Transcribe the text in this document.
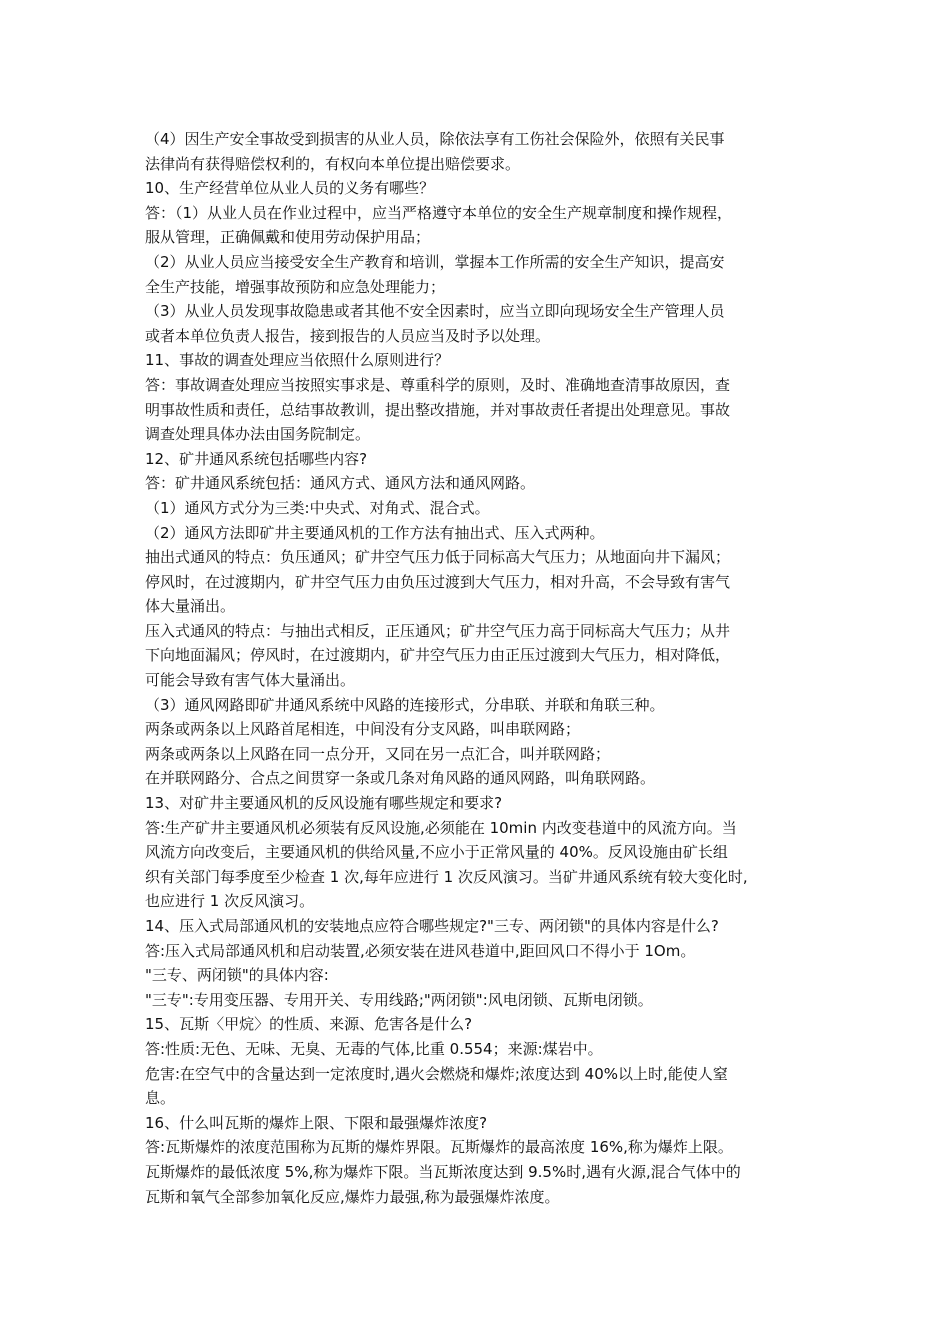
（4）因生产安全事故受到损害的从业人员，除依法享有工伤社会保险外，依照有关民事
法律尚有获得赔偿权利的，有权向本单位提出赔偿要求。
10、生产经营单位从业人员的义务有哪些？
答：（1）从业人员在作业过程中，应当严格遵守本单位的安全生产规章制度和操作规程，
服从管理，正确佩戴和使用劳动保护用品；
（2）从业人员应当接受安全生产教育和培训，掌握本工作所需的安全生产知识，提高安
全生产技能，增强事故预防和应急处理能力；
（3）从业人员发现事故隐患或者其他不安全因素时，应当立即向现场安全生产管理人员
或者本单位负责人报告，接到报告的人员应当及时予以处理。
11、事故的调查处理应当依照什么原则进行？
答：事故调查处理应当按照实事求是、尊重科学的原则，及时、准确地查清事故原因，查
明事故性质和责任，总结事故教训，提出整改措施，并对事故责任者提出处理意见。事故
调查处理具体办法由国务院制定。
12、矿井通风系统包括哪些内容?
答：矿井通风系统包括：通风方式、通风方法和通风网路。
（1）通风方式分为三类:中央式、对角式、混合式。
（2）通风方法即矿井主要通风机的工作方法有抽出式、压入式两种。
抽出式通风的特点：负压通风；矿井空气压力低于同标高大气压力；从地面向井下漏风；
停风时，在过渡期内，矿井空气压力由负压过渡到大气压力，相对升高，不会导致有害气
体大量涌出。
压入式通风的特点：与抽出式相反，正压通风；矿井空气压力高于同标高大气压力；从井
下向地面漏风；停风时，在过渡期内，矿井空气压力由正压过渡到大气压力，相对降低，
可能会导致有害气体大量涌出。
（3）通风网路即矿井通风系统中风路的连接形式，分串联、并联和角联三种。
两条或两条以上风路首尾相连，中间没有分支风路，叫串联网路；
两条或两条以上风路在同一点分开，又同在另一点汇合，叫并联网路；
在并联网路分、合点之间贯穿一条或几条对角风路的通风网路，叫角联网路。
13、对矿井主要通风机的反风设施有哪些规定和要求?
答:生产矿井主要通风机必须装有反风设施,必须能在 10min 内改变巷道中的风流方向。当
风流方向改变后，主要通风机的供给风量,不应小于正常风量的 40%。反风设施由矿长组
织有关部门每季度至少检查 1 次,每年应进行 1 次反风演习。当矿井通风系统有较大变化时,
也应进行 1 次反风演习。
14、压入式局部通风机的安装地点应符合哪些规定?"三专、两闭锁"的具体内容是什么?
答:压入式局部通风机和启动装置,必须安装在进风巷道中,距回风口不得小于 1Om。
"三专、两闭锁"的具体内容:
"三专":专用变压器、专用开关、专用线路;"两闭锁":风电闭锁、瓦斯电闭锁。
15、瓦斯〈甲烷〉的性质、来源、危害各是什么?
答:性质:无色、无味、无臭、无毒的气体,比重 0.554；来源:煤岩中。
危害:在空气中的含量达到一定浓度时,遇火会燃烧和爆炸;浓度达到 40%以上时,能使人窒
息。
16、什么叫瓦斯的爆炸上限、下限和最强爆炸浓度?
答:瓦斯爆炸的浓度范围称为瓦斯的爆炸界限。瓦斯爆炸的最高浓度 16%,称为爆炸上限。
瓦斯爆炸的最低浓度 5%,称为爆炸下限。当瓦斯浓度达到 9.5%时,遇有火源,混合气体中的
瓦斯和氧气全部参加氧化反应,爆炸力最强,称为最强爆炸浓度。
